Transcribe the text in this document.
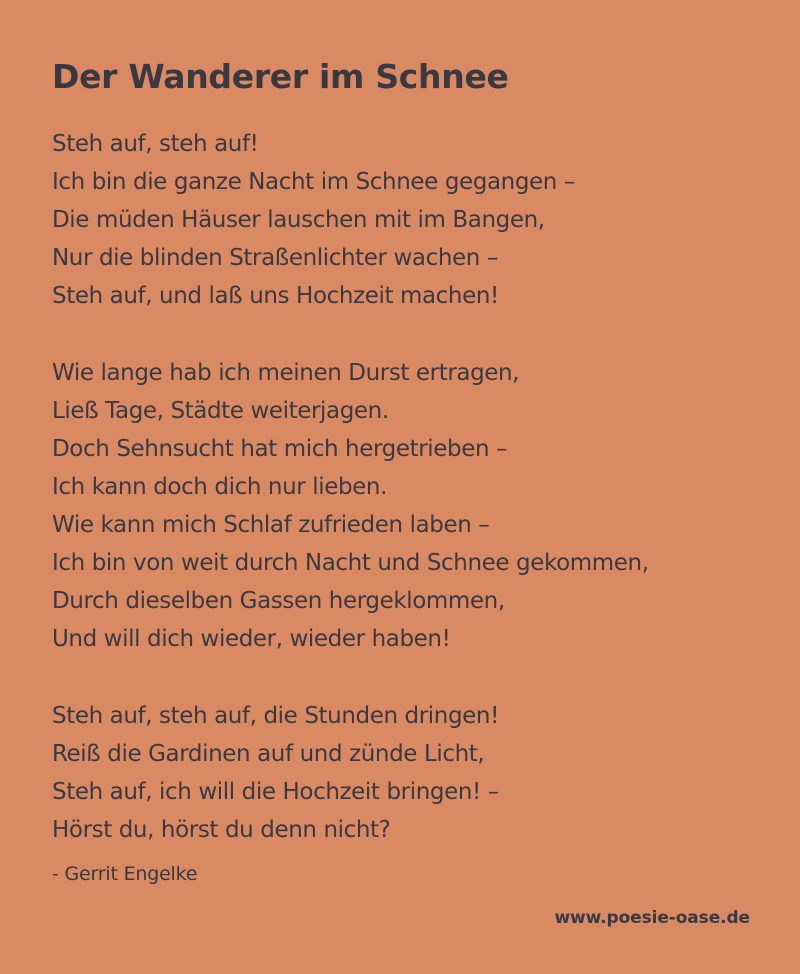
Der Wanderer im Schnee
Steh auf, steh auf!
Ich bin die ganze Nacht im Schnee gegangen –
Die müden Häuser lauschen mit im Bangen,
Nur die blinden Straßenlichter wachen –
Steh auf, und laß uns Hochzeit machen!
Wie lange hab ich meinen Durst ertragen,
Ließ Tage, Städte weiterjagen.
Doch Sehnsucht hat mich hergetrieben –
Ich kann doch dich nur lieben.
Wie kann mich Schlaf zufrieden laben –
Ich bin von weit durch Nacht und Schnee gekommen,
Durch dieselben Gassen hergeklommen,
Und will dich wieder, wieder haben!
Steh auf, steh auf, die Stunden dringen!
Reiß die Gardinen auf und zünde Licht,
Steh auf, ich will die Hochzeit bringen! –
Hörst du, hörst du denn nicht?
- Gerrit Engelke
www.poesie-oase.de
